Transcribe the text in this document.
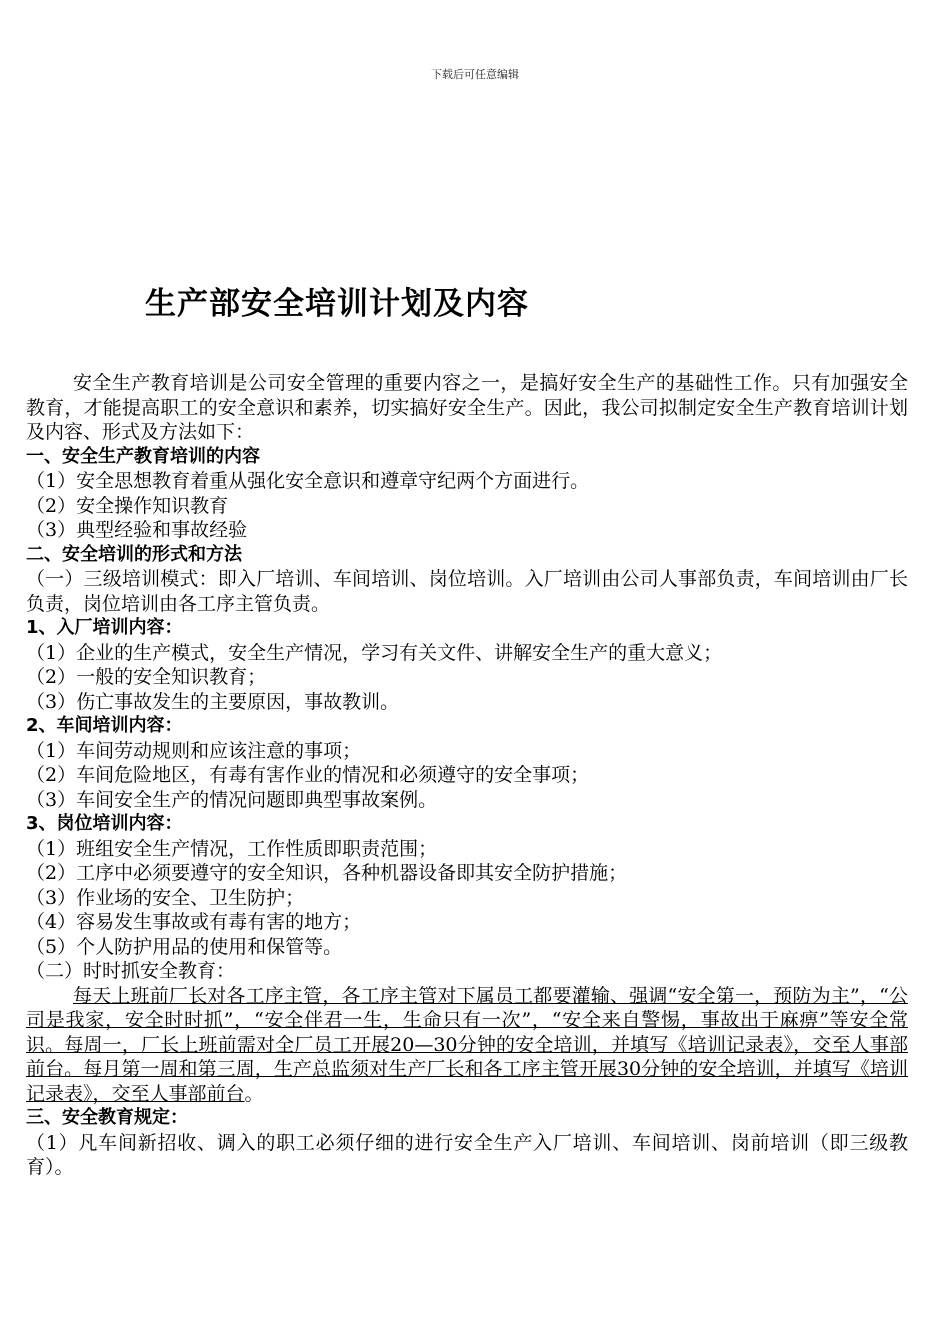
下载后可任意编辑
生产部安全培训计划及内容

安全生产教育培训是公司安全管理的重要内容之一，是搞好安全生产的基础性工作。只有加强安全教育，才能提高职工的安全意识和素养，切实搞好安全生产。因此，我公司拟制定安全生产教育培训计划及内容、形式及方法如下：

一、安全生产教育培训的内容

（1）安全思想教育着重从强化安全意识和遵章守纪两个方面进行。

（2）安全操作知识教育

（3）典型经验和事故经验

二、安全培训的形式和方法

（一）三级培训模式：即入厂培训、车间培训、岗位培训。入厂培训由公司人事部负责，车间培训由厂长负责，岗位培训由各工序主管负责。

1、入厂培训内容：

（1）企业的生产模式，安全生产情况，学习有关文件、讲解安全生产的重大意义；

（2）一般的安全知识教育；

（3）伤亡事故发生的主要原因，事故教训。

2、车间培训内容：

（1）车间劳动规则和应该注意的事项；

（2）车间危险地区，有毒有害作业的情况和必须遵守的安全事项；

（3）车间安全生产的情况问题即典型事故案例。

3、岗位培训内容：

（1）班组安全生产情况，工作性质即职责范围；

（2）工序中必须要遵守的安全知识，各种机器设备即其安全防护措施；

（3）作业场的安全、卫生防护；

（4）容易发生事故或有毒有害的地方；

（5）个人防护用品的使用和保管等。

（二）时时抓安全教育：

每天上班前厂长对各工序主管，各工序主管对下属员工都要灌输、强调“安全第一，预防为主”，“公司是我家，安全时时抓”，“安全伴君一生，生命只有一次”，“安全来自警惕，事故出于麻痹”等安全常识。每周一，厂长上班前需对全厂员工开展20—30分钟的安全培训，并填写《培训记录表》，交至人事部前台。每月第一周和第三周，生产总监须对生产厂长和各工序主管开展30分钟的安全培训，并填写《培训记录表》，交至人事部前台。

三、安全教育规定：

（1）凡车间新招收、调入的职工必须仔细的进行安全生产入厂培训、车间培训、岗前培训（即三级教育）。
